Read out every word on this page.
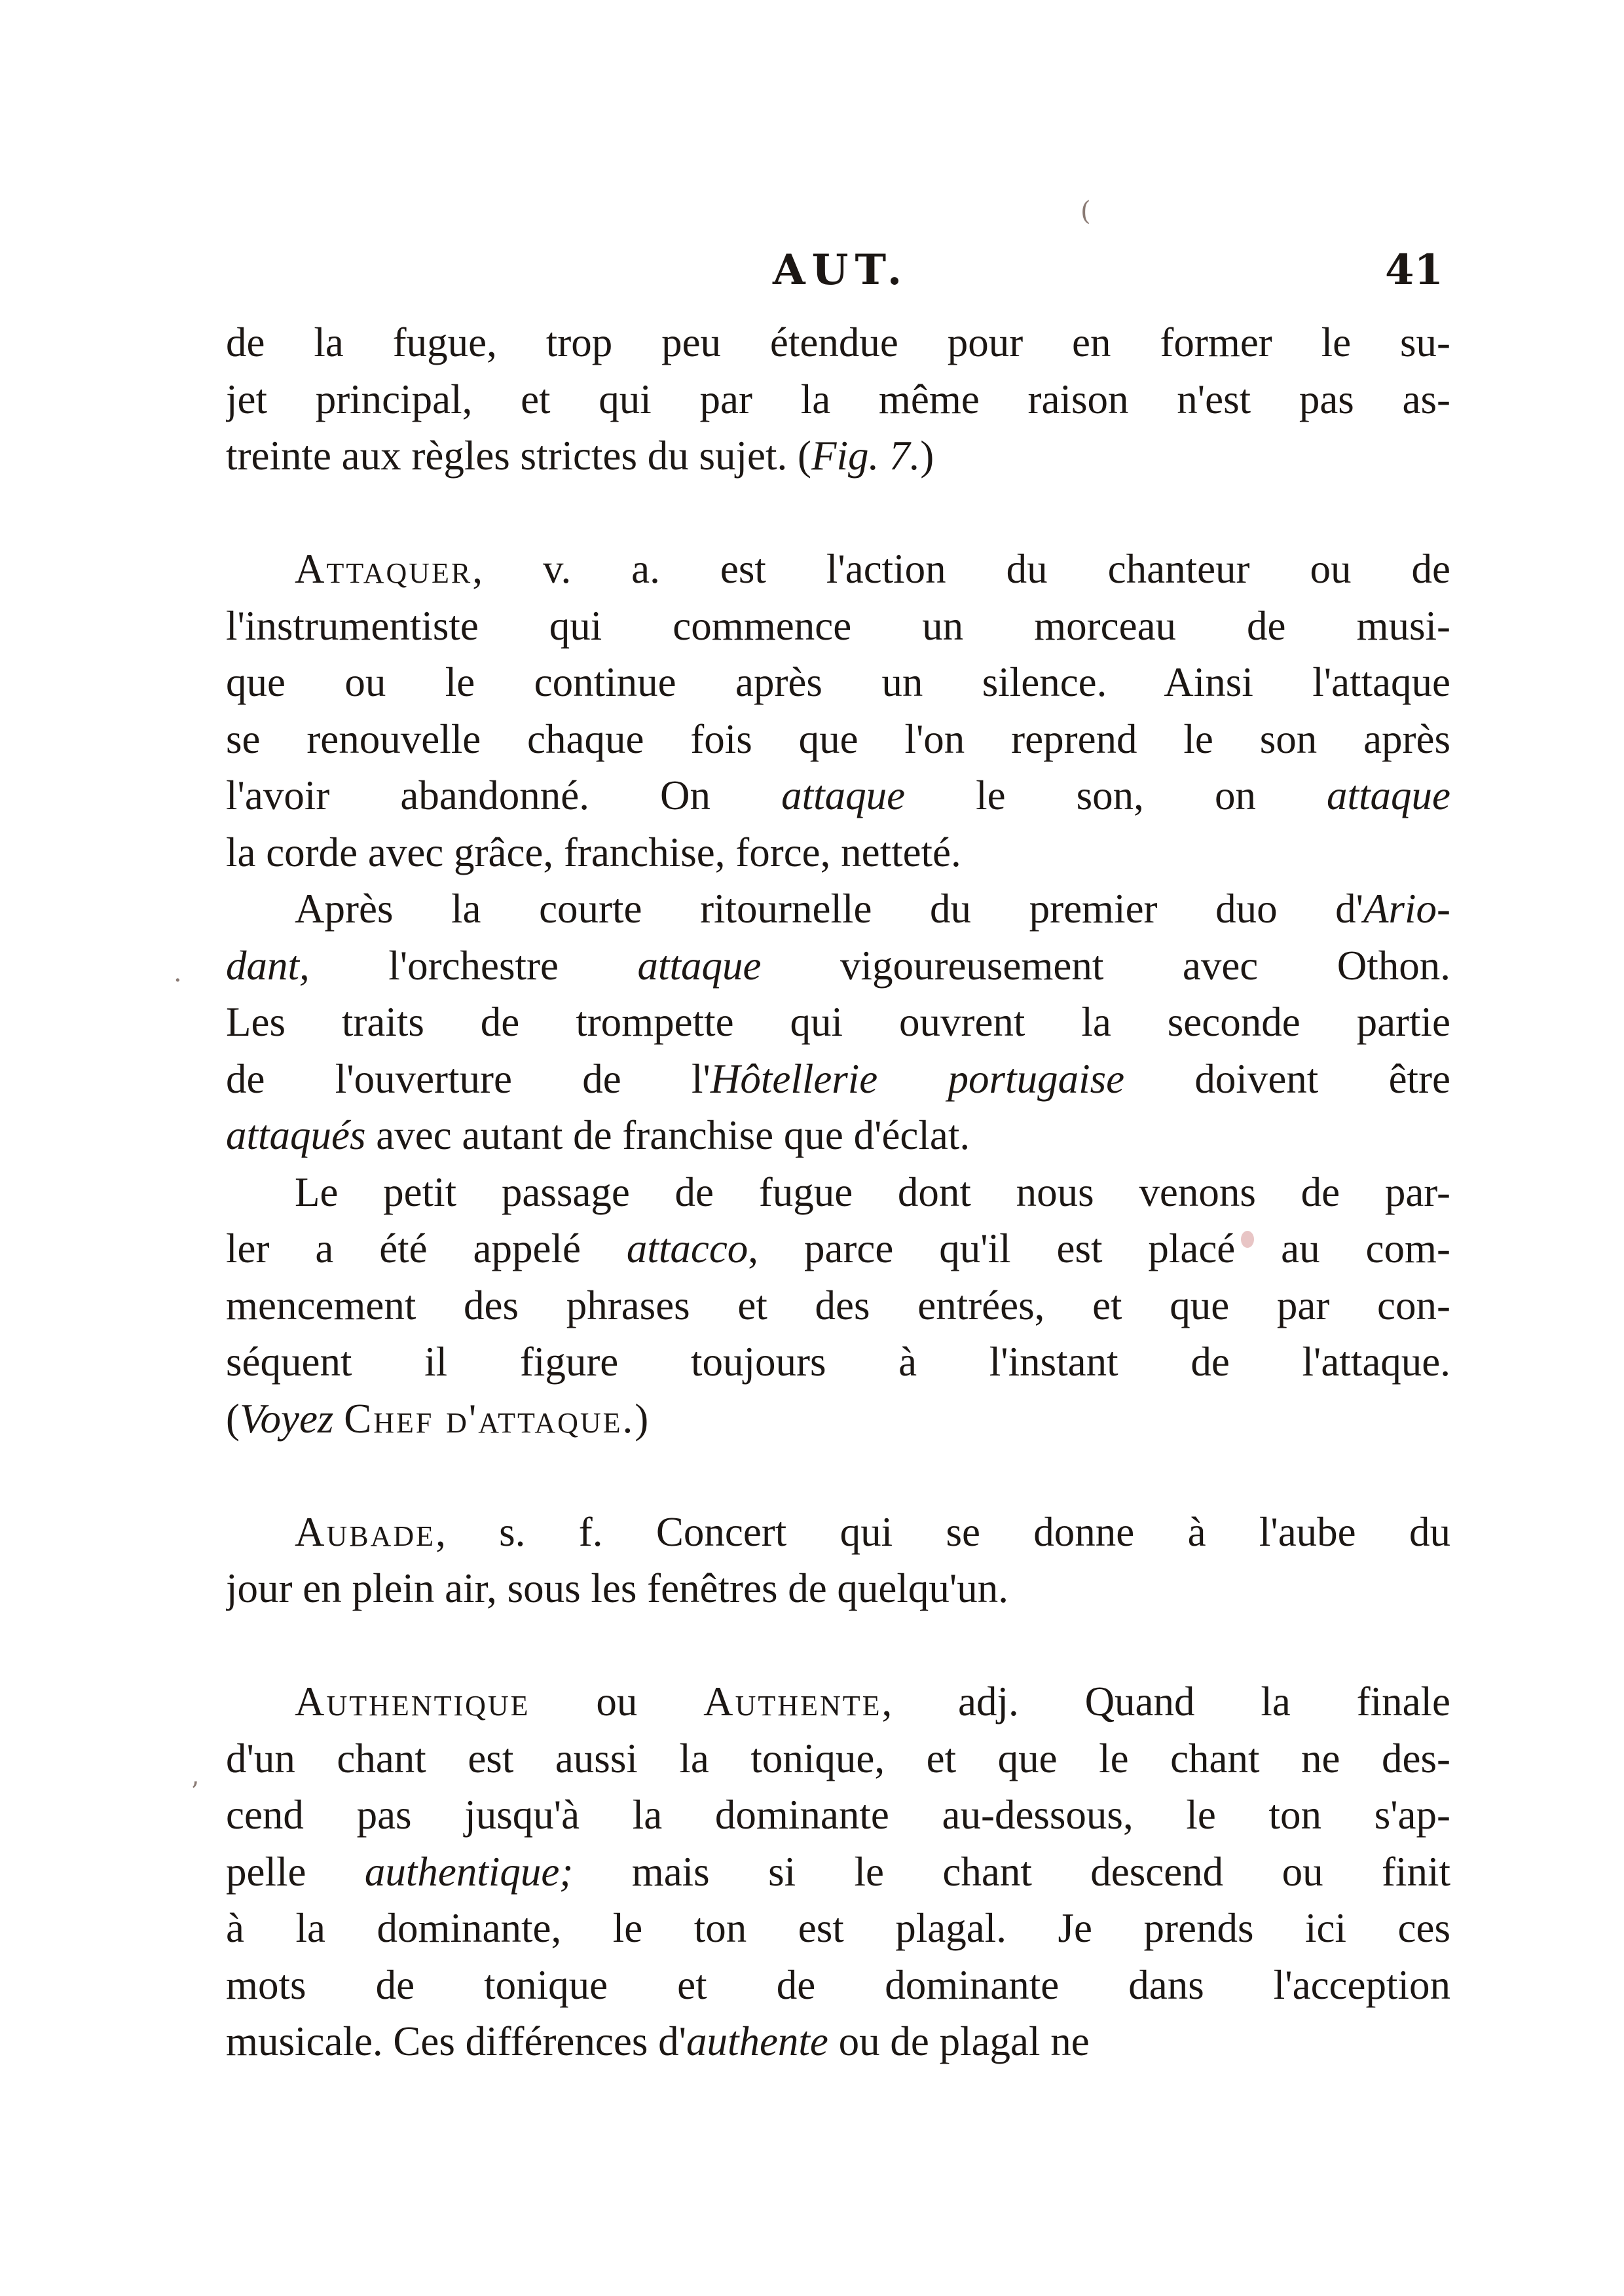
(
·
ʼ
AUT.	41
de la fugue, trop peu étendue pour en former le su-
jet principal, et qui par la même raison n'est pas as-
treinte aux règles strictes du sujet. (Fig. 7.)
Attaquer, v. a. est l'action du chanteur ou de
l'instrumentiste qui commence un morceau de musi-
que ou le continue après un silence. Ainsi l'attaque
se renouvelle chaque fois que l'on reprend le son après
l'avoir abandonné. On attaque le son, on attaque
la corde avec grâce, franchise, force, netteté.
Après la courte ritournelle du premier duo d'Ario-
dant, l'orchestre attaque vigoureusement avec Othon.
Les traits de trompette qui ouvrent la seconde partie
de l'ouverture de l'Hôtellerie portugaise doivent être
attaqués avec autant de franchise que d'éclat.
Le petit passage de fugue dont nous venons de par-
ler a été appelé attacco, parce qu'il est placé au com-
mencement des phrases et des entrées, et que par con-
séquent il figure toujours à l'instant de l'attaque.
(Voyez Chef d'attaque.)
Aubade, s. f. Concert qui se donne à l'aube du
jour en plein air, sous les fenêtres de quelqu'un.
Authentique ou Authente, adj. Quand la finale
d'un chant est aussi la tonique, et que le chant ne des-
cend pas jusqu'à la dominante au-dessous, le ton s'ap-
pelle authentique; mais si le chant descend ou finit
à la dominante, le ton est plagal. Je prends ici ces
mots de tonique et de dominante dans l'acception
musicale. Ces différences d'authente ou de plagal ne
